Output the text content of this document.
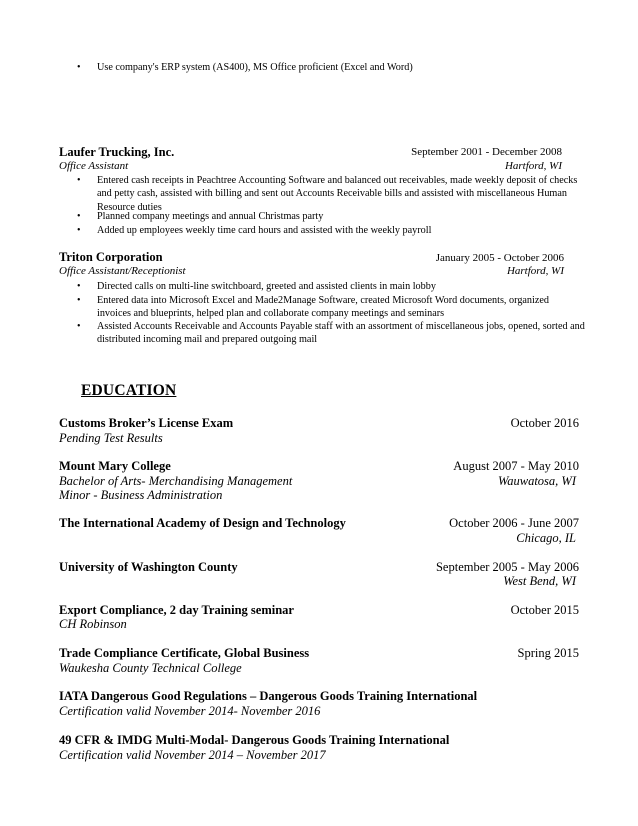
• Use company's ERP system (AS400), MS Office proficient (Excel and Word)
Laufer Trucking, Inc.	September 2001 - December 2008
Office Assistant	Hartford, WI
• Entered cash receipts in Peachtree Accounting Software and balanced out receivables, made weekly deposit of checks and petty cash, assisted with billing and sent out Accounts Receivable bills and assisted with miscellaneous Human Resource duties
• Planned company meetings and annual Christmas party
• Added up employees weekly time card hours and assisted with the weekly payroll
Triton Corporation	January 2005 - October 2006
Office Assistant/Receptionist	Hartford, WI
• Directed calls on multi-line switchboard, greeted and assisted clients in main lobby
• Entered data into Microsoft Excel and Made2Manage Software, created Microsoft Word documents, organized invoices and blueprints, helped plan and collaborate company meetings and seminars
• Assisted Accounts Receivable and Accounts Payable staff with an assortment of miscellaneous jobs, opened, sorted and distributed incoming mail and prepared outgoing mail
EDUCATION
Customs Broker’s License Exam	October 2016
Pending Test Results
Mount Mary College	August 2007 - May 2010
Bachelor of Arts- Merchandising Management	Wauwatosa, WI
Minor - Business Administration
The International Academy of Design and Technology	October 2006 - June 2007
Chicago, IL
University of Washington County	September 2005 - May 2006
West Bend, WI
Export Compliance, 2 day Training seminar	October 2015
CH Robinson
Trade Compliance Certificate, Global Business	Spring 2015
Waukesha County Technical College
IATA Dangerous Good Regulations – Dangerous Goods Training International
Certification valid November 2014- November 2016
49 CFR & IMDG Multi-Modal- Dangerous Goods Training International
Certification valid November 2014 – November 2017
